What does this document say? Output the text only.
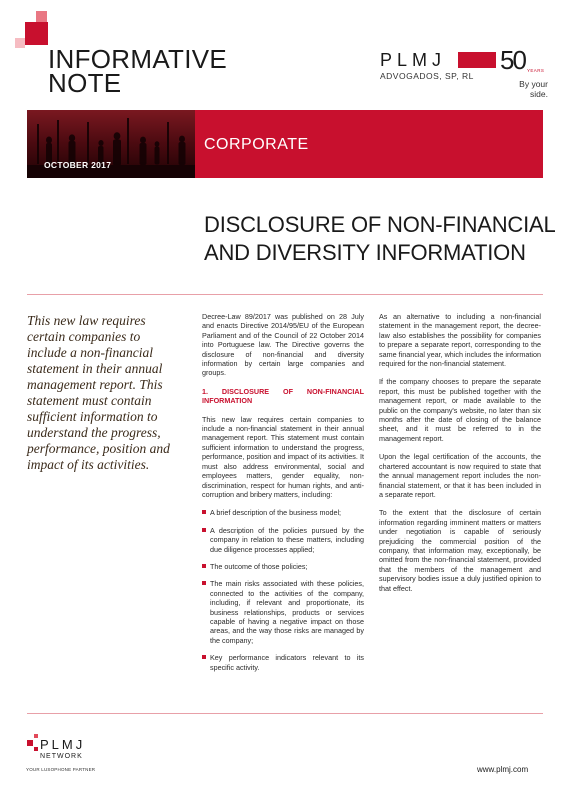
INFORMATIVE
NOTE
PLMJ
ADVOGADOS, SP, RL
50 YEARS
By your
side.
CORPORATE
OCTOBER 2017
DISCLOSURE OF NON-FINANCIAL
AND DIVERSITY INFORMATION
This new law requires certain companies to include a non-financial statement in their annual management report. This statement must contain sufficient information to understand the progress, performance, position and impact of its activities.

Decree-Law 89/2017 was published on 28 July and enacts Directive 2014/95/EU of the European Parliament and of the Council of 22 October 2014 into Portuguese law. The Directive governs the disclosure of non-financial and diversity information by certain large companies and groups.

1. DISCLOSURE OF NON-FINANCIAL INFORMATION

This new law requires certain companies to include a non-financial statement in their annual management report. This statement must contain sufficient information to understand the progress, performance, position and impact of its activities. It must also address environmental, social and employees matters, gender equality, non-discrimination, respect for human rights, and anti-corruption and bribery matters, including:

A brief description of the business model;
A description of the policies pursued by the company in relation to these matters, including due diligence processes applied;
The outcome of those policies;
The main risks associated with these policies, connected to the activities of the company, including, if relevant and proportionate, its business relationships, products or services capable of having a negative impact on those areas, and the way those risks are managed by the company;
Key performance indicators relevant to its specific activity.

As an alternative to including a non-financial statement in the management report, the decree-law also establishes the possibility for companies to prepare a separate report, corresponding to the same financial year, which includes the information required for the non-financial statement.

If the company chooses to prepare the separate report, this must be published together with the management report, or made available to the public on the company's website, no later than six months after the date of closing of the balance sheet, and it must be referred to in the management report.

Upon the legal certification of the accounts, the chartered accountant is now required to state that the annual management report includes the non-financial statement, or that it has been included in a separate report.

To the extent that the disclosure of certain information regarding imminent matters or matters under negotiation is capable of seriously prejudicing the commercial position of the company, that information may, exceptionally, be omitted from the non-financial statement, provided that the members of the management and supervisory bodies issue a duly justified opinion to that effect.

PLMJ
NETWORK
YOUR LUSOPHONE PARTNER	www.plmj.com
